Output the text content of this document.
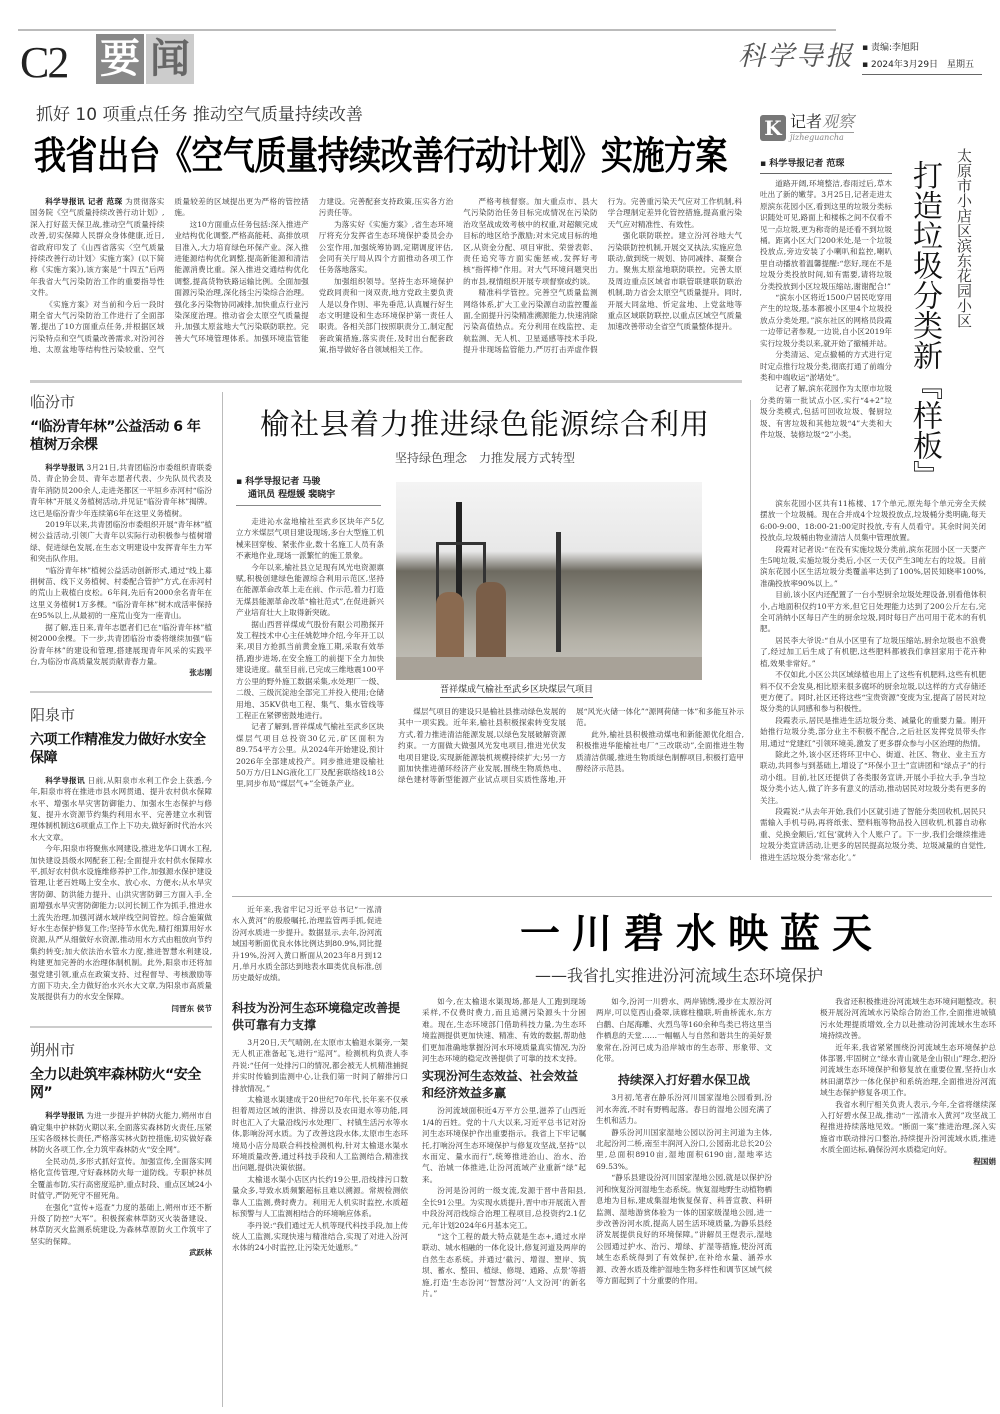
C2 要 闻	科学导报 ▪ 责编:李旭阳
▪ 2024年3月29日　星期五
抓好 10 项重点任务 推动空气质量持续改善
我省出台《空气质量持续改善行动计划》实施方案

科学导报讯 记者 范琛 为贯彻落实国务院《空气质量持续改善行动计划》,深入打好蓝天保卫战,推动空气质量持续改善,切实保障人民群众身体健康,近日,省政府印发了《山西省落实〈空气质量持续改善行动计划〉实施方案》(以下简称《实施方案》),该方案是“十四五”后两年我省大气污染防治工作的重要指导性文件。

《实施方案》对当前和今后一段时期全省大气污染防治工作进行了全面部署,提出了10方面重点任务,并根据区域污染特点和空气质量改善需求,对汾河谷地、太原盆地等结构性污染较重、空气质量较差的区域提出更为严格的管控措施。

这10方面重点任务包括:深入推进产业结构优化调整,严格高能耗、高排放项目准入,大力培育绿色环保产业。深入推进能源结构优化调整,提高新能源和清洁能源消费比重。深入推进交通结构优化调整,提高货物铁路运输比例。全面加强面源污染治理,深化扬尘污染综合治理。强化多污染物协同减排,加快重点行业污染深度治理。推动省会太原空气质量提升,加强太原盆地大气污染联防联控。完善大气环境管理体系。加强环境监管能力建设。完善配套支持政策,压实各方治污责任等。

为落实好《实施方案》,省生态环境厅将充分发挥省生态环境保护委员会办公室作用,加强统筹协调,定期调度评估,会同有关厅局从四个方面推动各项工作任务落地落实。

加强组织领导。坚持生态环境保护党政同责和一岗双责,地方党政主要负责人是以身作则、率先垂范,认真履行好生态文明建设和生态环境保护第一责任人职责。各相关部门按照职责分工,制定配套政策措施,落实责任,及时出台配套政策,指导做好各自领域相关工作。

严格考核督察。加大重点市、县大气污染防治任务目标完成情况在污染防治攻坚战成效考核中的权重,对超额完成目标的地区给予激励;对未完成目标的地区,从资金分配、项目审批、荣誉表彰、责任追究等方面实施惩戒,发挥好考核“指挥棒”作用。对大气环境问题突出的市县,视情组织开展专项督察或约谈。

精准科学管控。完善空气质量监测网络体系,扩大工业污染源自动监控覆盖面,全面提升污染精准溯源能力,快速消除污染高值热点。充分利用在线监控、走航监测、无人机、卫星遥感等技术手段,提升非现场监管能力,严厉打击弄虚作假行为。完善重污染天气应对工作机制,科学合理制定差异化管控措施,提高重污染天气应对精准性、有效性。

强化联防联控。建立汾河谷地大气污染联防控机制,开展交叉执法,实施应急联动,做到统一规划、协同减排、凝聚合力。聚焦太原盆地联防联控。完善太原及周边重点区域省市联管联建联防联治机制,助力省会太原空气质量提升。同时,开展大同盆地、忻定盆地、上党盆地等重点区域联防联控,以重点区域空气质量加速改善带动全省空气质量整体提升。

临汾市
“临汾青年林”公益活动 6 年植树万余棵

科学导报讯 3月21日,共青团临汾市委组织青联委员、青企协会员、青年志愿者代表、少先队员代表及青年消防员200余人,走进尧都区一平垣乡赤河村“临汾青年林”开展义务植树活动,并见证“临汾青年林”揭牌。这已是临汾青少年连续第6年在这里义务植树。

2019年以来,共青团临汾市委组织开展“青年林”植树公益活动,引领广大青年以实际行动积极参与植树增绿、促进绿色发展,在生态文明建设中发挥青年生力军和突击队作用。

“临汾青年林”植树公益活动创新形式,通过“线上募捐树苗、线下义务植树、村委配合管护”方式,在赤河村的荒山上栽植白皮松。6年间,先后有2000余名青年在这里义务植树1万多棵。“临汾青年林”树木成活率保持在95%以上,从最初的一座荒山变为一座青山。

据了解,连日来,青年志愿者们已在“临汾青年林”植树2000余棵。下一步,共青团临汾市委将继续加强“临汾青年林”的建设和管理,搭建展现青年风采的实践平台,为临汾市高质量发展贡献青春力量。

张志刚
阳泉市
六项工作精准发力做好水安全保障

科学导报讯 日前,从阳泉市水利工作会上获悉,今年,阳泉市将在推进市县水网贯通、提升农村供水保障水平、增强水旱灾害防御能力、加强水生态保护与修复、提升水资源节约集约利用水平、完善建立水利管理体制机制这6项重点工作上下功夫,做好新时代治水兴水大文章。

今年,阳泉市将聚焦水网建设,推进龙华口调水工程,加快建设县级水网配套工程;全面提升农村供水保障水平,抓好农村供水设施维修养护工作,加强源水保护建设管理,让老百姓喝上安全水、放心水、方便水;从水旱灾害防御、防洪能力提升、山洪灾害防御三方面入手,全面增强水旱灾害防御能力;以河长制工作为抓手,推进水土流失治理,加强河湖水域岸线空间管控。综合施策做好水生态保护修复工作;坚持节水优先,精打细算用好水资源,从严从细做好水资源,推动用水方式由粗放向节约集约转变;加大依法治水管水力度,推进智慧水利建设,构建更加完善的水治理体制机制。此外,阳泉市还将加强党建引领,重点在政策支持、过程督导、考核激励等方面下功夫,全力做好治水兴水大文章,为阳泉市高质量发展提供有力的水安全保障。

闫晋东 侯节
朔州市
全力以赴筑牢森林防火“安全网”

科学导报讯 为进一步提升护林防火能力,朔州市自确定集中护林防火期以来,全面落实森林防火责任,压紧压实各级林长责任,严格落实林火防控措施,切实做好森林防火各项工作,全力筑牢森林防火“安全网”。

全民动员,多形式抓好宣传。加强宣传,全面落实网格化宣传管理,守好森林防火每一道防线。专职护林员全覆盖布防,实行高密度巡护,重点时段、重点区域24小时值守,严防死守不留死角。

在强化“宣传+巡查”力度的基础上,朔州市还不断升级了防控“大军”。积极探索林草防灭火装备建设、林草防灭火监测系统建设,为森林草原防火工作筑牢了坚实的保障。

武跃林
榆社县着力推进绿色能源综合利用
坚持绿色理念　力推发展方式转型
▪ 科学导报记者 马骏
通讯员 程煜媛 裴晓宇
晋祥煤成气榆社至武乡区块煤层气项目

走进沁水盆地榆社至武乡区块年产5亿立方米煤层气项目建设现场,多台大型施工机械来回穿梭、紧张作业,数十名施工人员有条不紊地作业,现场一派繁忙的施工景象。

今年以来,榆社县立足现有风光电资源禀赋,积极创建绿色能源综合利用示范区,坚持在能源革命改革上走在前、作示范,着力打造无煤县能源革命改革“榆社范式”,在促进新兴产业培育壮大上取得新突破。

据山西晋祥煤成气股份有限公司勘探开发工程技术中心主任姚乾坤介绍,今年开工以来,项目方抢抓当前黄金施工期,采取有效举措,跑步进场,在安全施工的前提下全力加快建设进度。截至目前,已完成三维地震100平方公里的野外施工数据采集,水处理厂一级、二级、三级沉淀池全部完工并投入使用;仓储用地、35KV供电工程、集气、集水管线等工程正在紧锣密鼓地进行。

记者了解到,晋祥煤成气榆社至武乡区块煤层气项目总投资30亿元,矿区面积为89.754平方公里。从2024年开始建设,预计2026年全部建成投产。同步推进建设榆社50万方/日LNG液化工厂及配套联络线18公里,同步布局“煤层气+”全链条产业。

煤层气项目的建设只是榆社县推动绿色发展的其中一项实践。近年来,榆社县积极探索转变发展方式,着力推进清洁能源发展,以绿色发展破解资源约束。一方面做大做强风光发电项目,推进光伏发电项目建设,实现新能源装机规模持续扩大;另一方面加快推进循环经济产业发展,围绕生物质热电、绿色建材等新型能源产业试点项目实质性落地,开展“风光火储一体化”“源网荷储一体”和多能互补示范。

此外,榆社县积极推动煤电和新能源优化组合,积极推进华能榆社电厂“三改联动”,全面推进生物质清洁供暖,推进生物质绿色制醇项目,积极打造甲醇经济示范县。

K 记者观察
jizheguancha
▪ 科学导报记者 范琛	打造垃圾分类新『样板』 太原市小店区滨东花园小区

道路开阔,环境整洁,春雨过后,草木吐出了新的嫩芽。3月25日,记者走进太原滨东花园小区,看到这里的垃圾分类标识随处可见,路面上和楼栋之间不仅看不见一点垃圾,更为称奇的是还看不到垃圾桶。距离小区大门200米处,是一个垃圾投放点,旁边安装了小喇叭和监控,喇叭里自动播放着温馨提醒:“您好,现在不是垃圾分类投放时间,如有需要,请将垃圾分类投放到小区垃圾压缩站,谢谢配合!”

“滨东小区将近1500户居民吃穿用产生的垃圾,基本都被小区里4个垃圾投放点分类处理。”滨东社区的网格员段霞一边带记者参观,一边说,自小区2019年实行垃圾分类以来,就开始了撤桶并站。

分类清运、定点撤桶的方式进行定时定点推行垃圾分类,彻底打通了前端分类和中端收运“淤堵处”。

记者了解,滨东花园作为太原市垃圾分类的第一批试点小区,实行“4+2”垃圾分类模式,包括可回收垃圾、餐厨垃圾、有害垃圾和其他垃圾“4”大类和大件垃圾、装修垃圾“2”小类。

滨东花园小区共有11栋楼、17个单元,原先每个单元旁全天候摆放一个垃圾桶。现在合并成4个垃圾投放点,垃圾桶分类明确,每天6:00-9:00、18:00-21:00定时投放,专有人员看守。其余时间关闭投放点,垃圾桶由物业清洁人员集中管理放置。

段霞对记者说:“在没有实施垃圾分类前,滨东花园小区一天要产生5吨垃圾,实施垃圾分类后,小区一天仅产生3吨左右的垃圾。目前滨东花园小区生活垃圾分类覆盖率达到了100%,居民知晓率100%,准确投放率90%以上。”

目前,该小区内还配置了一台小型厨余垃圾处理设备,别看他体积小,占地面积仅约10平方米,但它日处理能力达到了200公斤左右,完全可消纳小区每日产生的厨余垃圾,同时每日产出可用于花木的有机肥。

居民李大爷说:“自从小区里有了垃圾压缩站,厨余垃圾也不浪费了,经过加工后生成了有机肥,这些肥料都被我们拿回家用于花卉种植,效果非常好。”

不仅如此,小区公共区域绿植也用上了这些有机肥料,这些有机肥料不仅不会发臭,相比原来很多腐坏的厨余垃圾,以这样的方式存储还更方便了。同时,社区还将这些“宝贵资源”变废为宝,提高了居民对垃圾分类的认同感和参与积极性。

段霞表示,居民是推进生活垃圾分类、减量化的重要力量。刚开始推行垃圾分类,部分业主不积极不配合,之后社区发挥党员带头作用,通过“党建红”引领环境美,激发了更多群众参与小区治理的热情。

除此之外,该小区还将环卫中心、街道、社区、物业、业主五方联动,共同参与到基础上,增设了“环保小卫士”宣讲团和“绿点子”的行动小组。目前,社区还提供了各类服务宣讲,开展小手拉大手,争当垃圾分类小达人,做了许多有意义的活动,推动居民对垃圾分类有更多的关注。

段霞说:“从去年开始,我们小区就引进了智能分类回收机,居民只需输入手机号码,再将纸张、塑料瓶等物品投入回收机,机器自动称重、兑换金额后,‘红包’就转入个人账户了。下一步,我们会继续推进垃圾分类宣讲活动,让更多的居民提高垃圾分类、垃圾减量的自觉性,推进生活垃圾分类‘常态化’。”

近年来,我省牢记习近平总书记“一泓清水入黄河”的殷殷嘱托,治理监管两手抓,促进汾河水质进一步提升。数据显示,去年,汾河流域国考断面优良水体比例达到80.9%,同比提升19%,汾河入黄口断面从2023年8月到12月,单月水质全部达到地表水Ⅲ类优良标准,创历史最好成绩。
一川碧水映蓝天
——我省扎实推进汾河流域生态环境保护
科技为汾河生态环境稳定改善提供可靠有力支撑

3月20日,天气晴朗,在太原市太榆退水渠旁,一架无人机正准备起飞,进行“巡河”。检测机构负责人李丹说:“任何一处排污口的情况,都会被无人机精准捕捉并实时传输到监测中心,让我们第一时间了解排污口排放情况。”

太榆退水渠建成于20世纪70年代,长年来不仅承担着周边区域的泄洪、排涝以及农田退水等功能,同时也汇入了大量沿线污水处理厂、村镇生活污水等水体,影响汾河水质。为了改善这段水体,太原市生态环境局小店分局联合科技检测机构,针对太榆退水渠水环境质量改善,通过科技手段和人工监测结合,精准找出问题,提供决策依据。

太榆退水渠小店区内长约19公里,沿线排污口数量众多,导致水质频繁超标且难以溯源。常规检测依靠人工监测,费时费力。利用无人机实时监控,水质超标预警与人工监测相结合的环境响应体系。

李丹说:“我们通过无人机等现代科技手段,加上传统人工监测,实现快速与精准结合,实现了对进入汾河水体的24小时监控,让污染无处遁形。”

如今,在太榆退水渠现场,都是人工跑到现场采样,不仅费时费力,而且追溯污染源头十分困难。现在,生态环境部门借助科技力量,为生态环境监测提供更加快速、精准、有效的数据,帮助他们更加准确地掌握汾河水环境质量真实情况,为汾河生态环境的稳定改善提供了可靠的技术支持。

实现汾河生态效益、社会效益和经济效益多赢

汾河流域面积近4万平方公里,滋养了山西近1/4的百姓。党的十八大以来,习近平总书记对汾河生态环境保护作出重要指示。我省上下牢记嘱托,打响汾河生态环境保护与修复攻坚战,坚持“以水而定、量水而行”,统筹推进治山、治水、治气、治城一体推进,让汾河流域产业重新“绿”起来。

汾河是汾河的一级支流,发源于晋中昔阳县,全长91公里。为实现水质提升,晋中市开展流入晋中段汾河沿线综合治理工程项目,总投资约2.1亿元,年计划2024年6月基本完工。

“这个工程的最大特点就是生态+,通过水岸联动、城水相融的一体化设计,修复河道及两岸的自然生态系统。并通过‘截污、增湿、塑岸、筑坝、蓄水、整田、植绿、修堤、通路、点景’等措施,打造‘生态汾河’‘智慧汾河’‘人文汾河’的新名片。”

如今,汾河一川碧水、两岸锦绣,漫步在太原汾河两岸,可以览西山叠翠,读廊柱楹联,听曲桥流水,东方白鹳、白尾海雕、火烈鸟等160余种鸟类已将这里当作栖息的天堂……一幅幅人与自然和谐共生的美好景象常在,汾河已成为沿岸城市的生态带、形象带、文化带。

持续深入打好碧水保卫战

3月初,笔者在静乐汾河川国家湿地公园看到,汾河水奔流,不时有野鸭起落。春日的湿地公园充满了生机和活力。

静乐汾河川国家湿地公园以汾河主河道为主体,北起汾河二桥,南至丰润河入汾口,公园南北总长20公里,总面积8910亩,湿地面积6190亩,湿地率达69.53%。

“静乐县建设汾河川国家湿地公园,就是以保护汾河和恢复汾河湿地生态系统。恢复湿地野生动植物栖息地为目标,建成集湿地恢复保育、科普宣教、科研监测、湿地游赏体验为一体的国家级湿地公园,进一步改善汾河水质,提高人居生活环境质量,为静乐县经济发展提供良好的环境保障。”讲解员王煜表示,湿地公园通过护水、治污、增绿、扩湿等措施,使汾河流域生态系统得到了有效保护,在补给水量、涵养水源、改善水质及维护湿地生物多样性和调节区域气候等方面起到了十分重要的作用。

我省还积极推进汾河流域生态环境问题整改。积极开展汾河流域水污染综合防治工作,全面推进城镇污水处理提质增效,全力以赴推动汾河流域水生态环境持续改善。

近年来,我省紧紧围绕汾河流域生态环境保护总体部署,牢固树立“绿水青山就是金山银山”理念,把汾河流域生态环境保护和修复放在重要位置,坚持山水林田湖草沙一体化保护和系统治理,全面推进汾河流域生态保护修复各项工作。

我省水利厅相关负责人表示,今年,全省将继续深入打好碧水保卫战,推动“一泓清水入黄河”攻坚战工程推进持续落地见效。“断面一案”推进治理,深入实施省市联动排污口整治,持续提升汾河流域水质,推进水质全面达标,确保汾河水质稳定向好。

程国娟
